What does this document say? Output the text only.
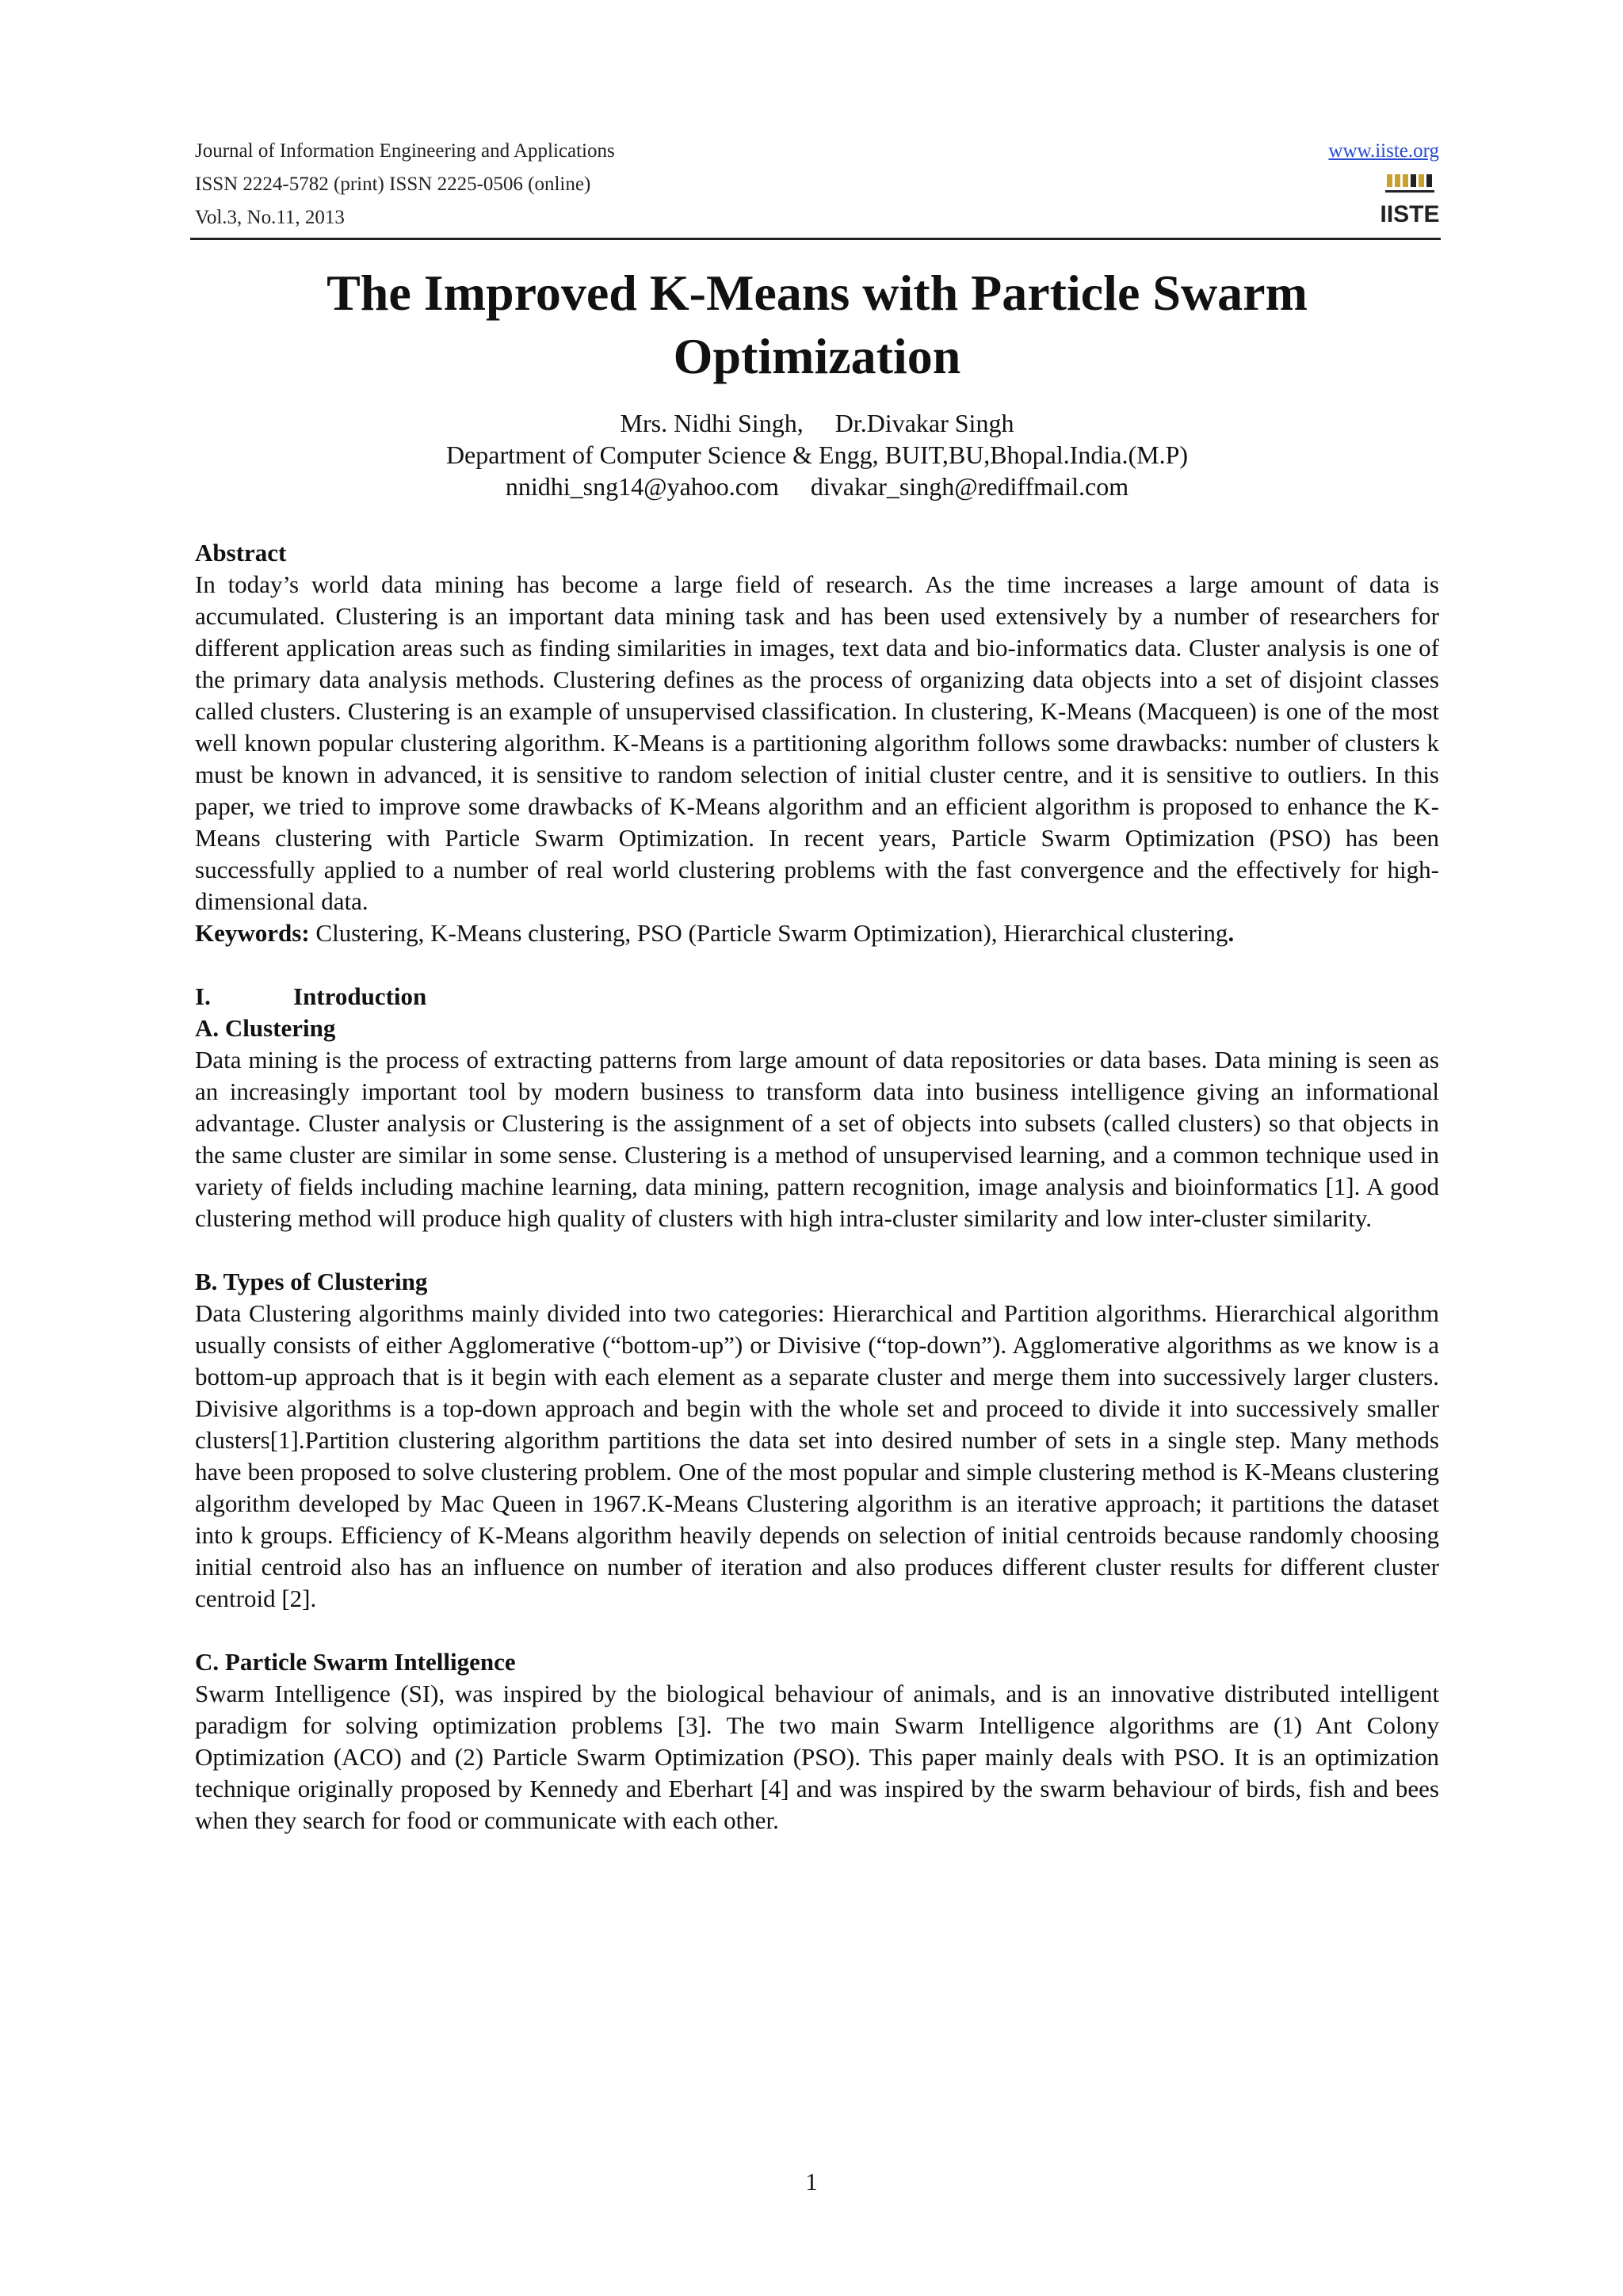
Journal of Information Engineering and Applications
ISSN 2224-5782 (print) ISSN 2225-0506 (online)
Vol.3, No.11, 2013
www.iiste.org
IISTE
The Improved K-Means with Particle Swarm
Optimization
Mrs. Nidhi Singh, Dr.Divakar Singh
Department of Computer Science & Engg, BUIT,BU,Bhopal.India.(M.P)
nnidhi_sng14@yahoo.com divakar_singh@rediffmail.com
Abstract

In today’s world data mining has become a large field of research. As the time increases a large amount of data is accumulated. Clustering is an important data mining task and has been used extensively by a number of researchers for different application areas such as finding similarities in images, text data and bio-informatics data. Cluster analysis is one of the primary data analysis methods. Clustering defines as the process of organizing data objects into a set of disjoint classes called clusters. Clustering is an example of unsupervised classification. In clustering, K-Means (Macqueen) is one of the most well known popular clustering algorithm. K-Means is a partitioning algorithm follows some drawbacks: number of clusters k must be known in advanced, it is sensitive to random selection of initial cluster centre, and it is sensitive to outliers. In this paper, we tried to improve some drawbacks of K-Means algorithm and an efficient algorithm is proposed to enhance the K-Means clustering with Particle Swarm Optimization. In recent years, Particle Swarm Optimization (PSO) has been successfully applied to a number of real world clustering problems with the fast convergence and the effectively for high-dimensional data.

Keywords: Clustering, K-Means clustering, PSO (Particle Swarm Optimization), Hierarchical clustering.

I.	Introduction
A. Clustering

Data mining is the process of extracting patterns from large amount of data repositories or data bases. Data mining is seen as an increasingly important tool by modern business to transform data into business intelligence giving an informational advantage. Cluster analysis or Clustering is the assignment of a set of objects into subsets (called clusters) so that objects in the same cluster are similar in some sense. Clustering is a method of unsupervised learning, and a common technique used in variety of fields including machine learning, data mining, pattern recognition, image analysis and bioinformatics [1]. A good clustering method will produce high quality of clusters with high intra-cluster similarity and low inter-cluster similarity.

B. Types of Clustering

Data Clustering algorithms mainly divided into two categories: Hierarchical and Partition algorithms. Hierarchical algorithm usually consists of either Agglomerative (“bottom-up”) or Divisive (“top-down”). Agglomerative algorithms as we know is a bottom-up approach that is it begin with each element as a separate cluster and merge them into successively larger clusters. Divisive algorithms is a top-down approach and begin with the whole set and proceed to divide it into successively smaller clusters[1].Partition clustering algorithm partitions the data set into desired number of sets in a single step. Many methods have been proposed to solve clustering problem. One of the most popular and simple clustering method is K-Means clustering algorithm developed by Mac Queen in 1967.K-Means Clustering algorithm is an iterative approach; it partitions the dataset into k groups. Efficiency of K-Means algorithm heavily depends on selection of initial centroids because randomly choosing initial centroid also has an influence on number of iteration and also produces different cluster results for different cluster centroid [2].

C. Particle Swarm Intelligence

Swarm Intelligence (SI), was inspired by the biological behaviour of animals, and is an innovative distributed intelligent paradigm for solving optimization problems [3]. The two main Swarm Intelligence algorithms are (1) Ant Colony Optimization (ACO) and (2) Particle Swarm Optimization (PSO). This paper mainly deals with PSO. It is an optimization technique originally proposed by Kennedy and Eberhart [4] and was inspired by the swarm behaviour of birds, fish and bees when they search for food or communicate with each other.

1
